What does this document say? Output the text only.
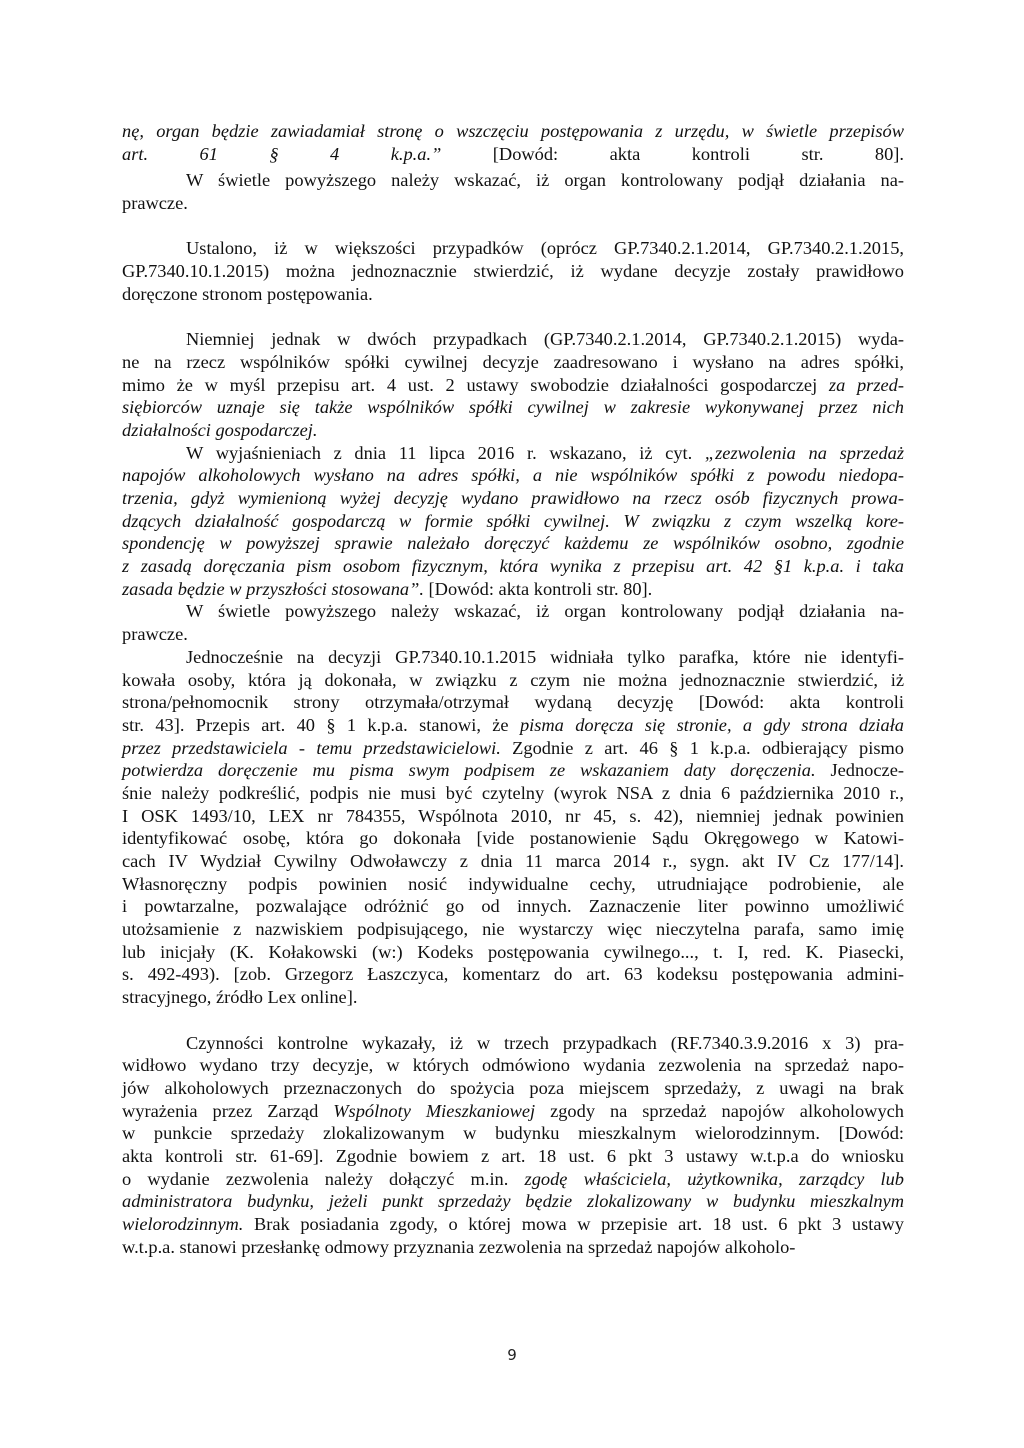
nę, organ będzie zawiadamiał stronę o wszczęciu postępowania z urzędu, w świetle przepisów
art. 61 § 4 k.p.a.” [Dowód: akta kontroli str. 80].
W świetle powyższego należy wskazać, iż organ kontrolowany podjął działania na-
prawcze.
Ustalono, iż w większości przypadków (oprócz GP.7340.2.1.2014, GP.7340.2.1.2015,
GP.7340.10.1.2015) można jednoznacznie stwierdzić, iż wydane decyzje zostały prawidłowo
doręczone stronom postępowania.
Niemniej jednak w dwóch przypadkach (GP.7340.2.1.2014, GP.7340.2.1.2015) wyda-
ne na rzecz wspólników spółki cywilnej decyzje zaadresowano i wysłano na adres spółki,
mimo że w myśl przepisu art. 4 ust. 2 ustawy swobodzie działalności gospodarczej za przed-
siębiorców uznaje się także wspólników spółki cywilnej w zakresie wykonywanej przez nich
działalności gospodarczej.
W wyjaśnieniach z dnia 11 lipca 2016 r. wskazano, iż cyt. „zezwolenia na sprzedaż
napojów alkoholowych wysłano na adres spółki, a nie wspólników spółki z powodu niedopa-
trzenia, gdyż wymienioną wyżej decyzję wydano prawidłowo na rzecz osób fizycznych prowa-
dzących działalność gospodarczą w formie spółki cywilnej. W związku z czym wszelką kore-
spondencję w powyższej sprawie należało doręczyć każdemu ze wspólników osobno, zgodnie
z zasadą doręczania pism osobom fizycznym, która wynika z przepisu art. 42 §1 k.p.a. i taka
zasada będzie w przyszłości stosowana”. [Dowód: akta kontroli str. 80].
W świetle powyższego należy wskazać, iż organ kontrolowany podjął działania na-
prawcze.
Jednocześnie na decyzji GP.7340.10.1.2015 widniała tylko parafka, które nie identyfi-
kowała osoby, która ją dokonała, w związku z czym nie można jednoznacznie stwierdzić, iż
strona/pełnomocnik strony otrzymała/otrzymał wydaną decyzję [Dowód: akta kontroli
str. 43]. Przepis art. 40 § 1 k.p.a. stanowi, że pisma doręcza się stronie, a gdy strona działa
przez przedstawiciela - temu przedstawicielowi. Zgodnie z art. 46 § 1 k.p.a. odbierający pismo
potwierdza doręczenie mu pisma swym podpisem ze wskazaniem daty doręczenia. Jednocze-
śnie należy podkreślić, podpis nie musi być czytelny (wyrok NSA z dnia 6 października 2010 r.,
I OSK 1493/10, LEX nr 784355, Wspólnota 2010, nr 45, s. 42), niemniej jednak powinien
identyfikować osobę, która go dokonała [vide postanowienie Sądu Okręgowego w Katowi-
cach IV Wydział Cywilny Odwoławczy z dnia 11 marca 2014 r., sygn. akt IV Cz 177/14].
Własnoręczny podpis powinien nosić indywidualne cechy, utrudniające podrobienie, ale
i powtarzalne, pozwalające odróżnić go od innych. Zaznaczenie liter powinno umożliwić
utożsamienie z nazwiskiem podpisującego, nie wystarczy więc nieczytelna parafa, samo imię
lub inicjały (K. Kołakowski (w:) Kodeks postępowania cywilnego..., t. I, red. K. Piasecki,
s. 492-493). [zob. Grzegorz Łaszczyca, komentarz do art. 63 kodeksu postępowania admini-
stracyjnego, źródło Lex online].
Czynności kontrolne wykazały, iż w trzech przypadkach (RF.7340.3.9.2016 x 3) pra-
widłowo wydano trzy decyzje, w których odmówiono wydania zezwolenia na sprzedaż napo-
jów alkoholowych przeznaczonych do spożycia poza miejscem sprzedaży, z uwagi na brak
wyrażenia przez Zarząd Wspólnoty Mieszkaniowej zgody na sprzedaż napojów alkoholowych
w punkcie sprzedaży zlokalizowanym w budynku mieszkalnym wielorodzinnym. [Dowód:
akta kontroli str. 61-69]. Zgodnie bowiem z art. 18 ust. 6 pkt 3 ustawy w.t.p.a do wniosku
o wydanie zezwolenia należy dołączyć m.in. zgodę właściciela, użytkownika, zarządcy lub
administratora budynku, jeżeli punkt sprzedaży będzie zlokalizowany w budynku mieszkalnym
wielorodzinnym. Brak posiadania zgody, o której mowa w przepisie art. 18 ust. 6 pkt 3 ustawy
w.t.p.a. stanowi przesłankę odmowy przyznania zezwolenia na sprzedaż napojów alkoholo-
9
